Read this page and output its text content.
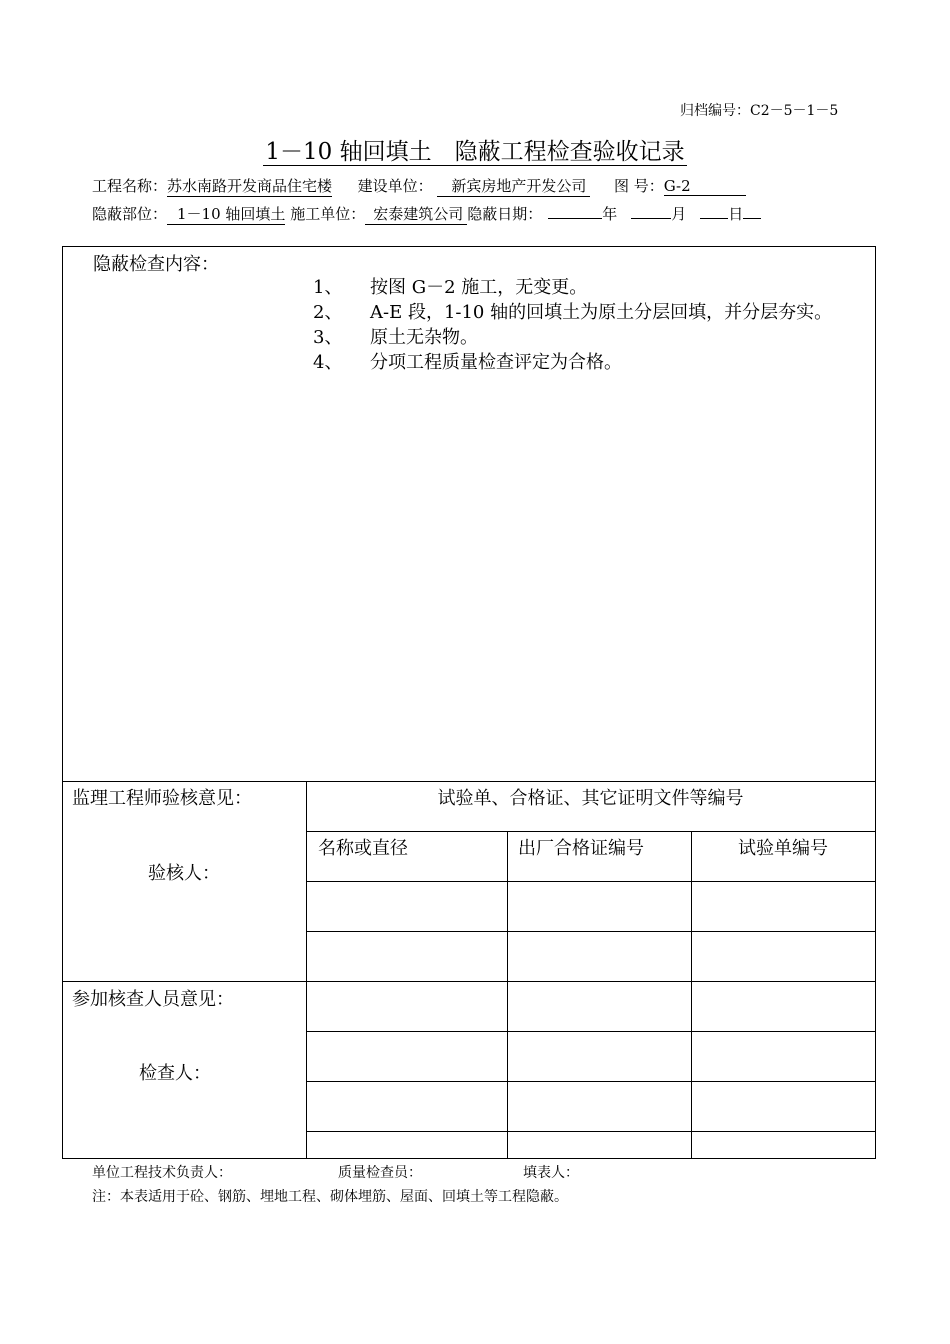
归档编号：C2－5－1－5
1－10 轴回填土　隐蔽工程检查验收记录
工程名称：苏水南路开发商品住宅楼 建设单位： 新宾房地产开发公司 图 号：G-2
隐蔽部位： 1－10 轴回填土 施工单位： 宏泰建筑公司 隐蔽日期：	年	月	日
隐蔽检查内容：
1、 按图 G－2 施工，无变更。
2、 A-E 段，1-10 轴的回填土为原土分层回填，并分层夯实。
3、 原土无杂物。
4、 分项工程质量检查评定为合格。
监理工程师验核意见：
验核人：
参加核查人员意见：
检查人：
试验单、合格证、其它证明文件等编号
名称或直径	出厂合格证编号	试验单编号
单位工程技术负责人：	质量检查员：	填表人：
注：本表适用于砼、钢筋、埋地工程、砌体埋筋、屋面、回填土等工程隐蔽。
